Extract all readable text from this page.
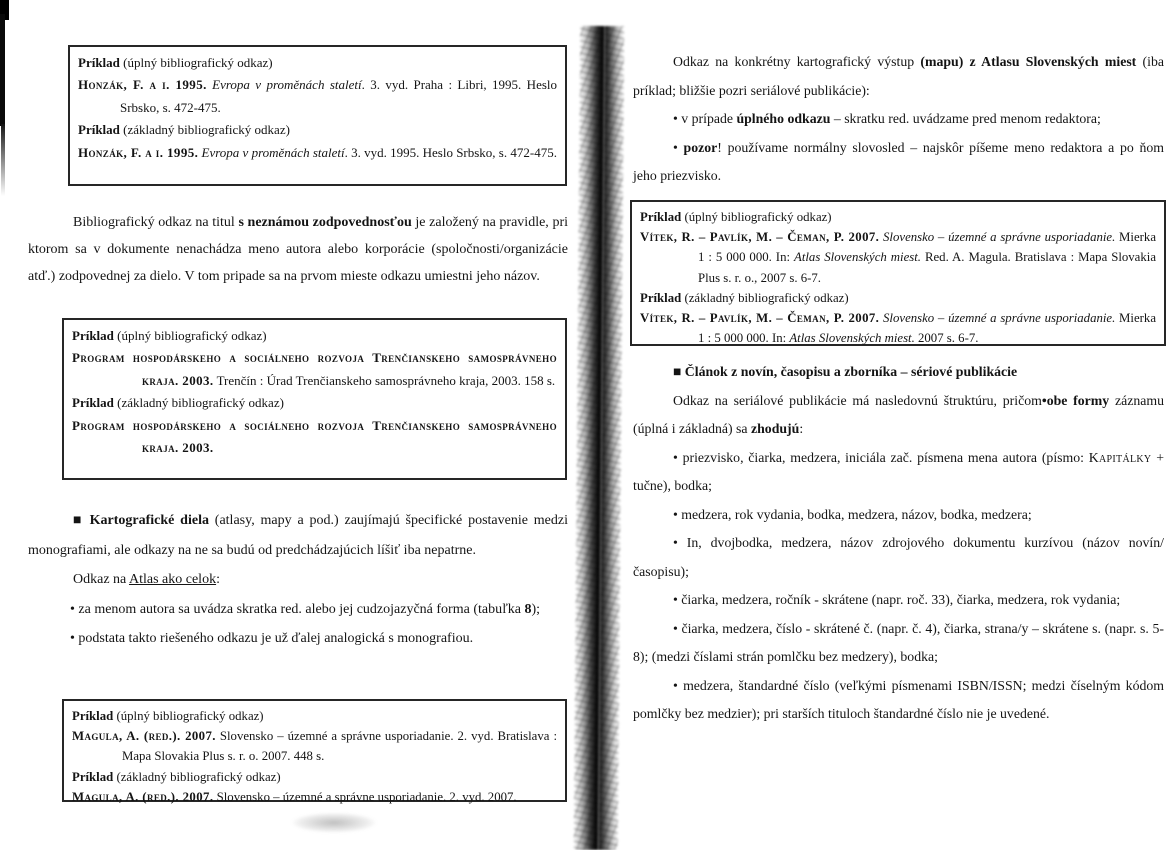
Príklad (úplný bibliografický odkaz)

Honzák, F. a i. 1995. Evropa v proměnách staletí. 3. vyd. Praha : Libri, 1995. Heslo Srbsko, s. 472-475.

Príklad (základný bibliografický odkaz)

Honzák, F. a i. 1995. Evropa v proměnách staletí. 3. vyd. 1995. Heslo Srbsko, s. 472-475.

Bibliografický odkaz na titul s neznámou zodpovednosťou je založený na pravidle, pri ktorom sa v dokumente nenachádza meno autora alebo korporácie (spoločnosti/organizácie atď.) zodpovednej za dielo. V tom pripade sa na prvom mieste odkazu umiestni jeho názov.

Príklad (úplný bibliografický odkaz)

Program hospodárskeho a sociálneho rozvoja Trenčianskeho samosprávneho kraja. 2003. Trenčín : Úrad Trenčianskeho samosprávneho kraja, 2003. 158 s.

Príklad (základný bibliografický odkaz)

Program hospodárskeho a sociálneho rozvoja Trenčianskeho samosprávneho kraja. 2003.

■ Kartografické diela (atlasy, mapy a pod.) zaujímajú špecifické postavenie medzi monografiami, ale odkazy na ne sa budú od predchádzajúcich líšiť iba nepatrne.

Odkaz na Atlas ako celok:

• za menom autora sa uvádza skratka red. alebo jej cudzojazyčná forma (tabuľka 8);

• podstata takto riešeného odkazu je už ďalej analogická s monografiou.

Príklad (úplný bibliografický odkaz)

Magula, A. (red.). 2007. Slovensko – územné a správne usporiadanie. 2. vyd. Bratislava : Mapa Slovakia Plus s. r. o. 2007. 448 s.

Príklad (základný bibliografický odkaz)

Magula, A. (red.). 2007. Slovensko – územné a správne usporiadanie. 2. vyd. 2007.

Odkaz na konkrétny kartografický výstup (mapu) z Atlasu Slovenských miest (iba príklad; bližšie pozri seriálové publikácie):

• v prípade úplného odkazu – skratku red. uvádzame pred menom redaktora;

• pozor! používame normálny slovosled – najskôr píšeme meno redaktora a po ňom jeho priezvisko.

Príklad (úplný bibliografický odkaz)

Vítek, R. – Pavlík, M. – Čeman, P. 2007. Slovensko – územné a správne usporiadanie. Mierka 1 : 5 000 000. In: Atlas Slovenských miest. Red. A. Magula. Bratislava : Mapa Slovakia Plus s. r. o., 2007 s. 6-7.

Príklad (základný bibliografický odkaz)

Vítek, R. – Pavlík, M. – Čeman, P. 2007. Slovensko – územné a správne usporiadanie. Mierka 1 : 5 000 000. In: Atlas Slovenských miest. 2007 s. 6-7.

■ Článok z novín, časopisu a zborníka – sériové publikácie

Odkaz na seriálové publikácie má nasledovnú štruktúru, pričom•obe formy záznamu (úplná i základná) sa zhodujú:

• priezvisko, čiarka, medzera, iniciála zač. písmena mena autora (písmo: Kapitálky + tučne), bodka;

• medzera, rok vydania, bodka, medzera, názov, bodka, medzera;

• In, dvojbodka, medzera, názov zdrojového dokumentu kurzívou (názov novín/časopisu);

• čiarka, medzera, ročník - skrátene (napr. roč. 33), čiarka, medzera, rok vydania;

• čiarka, medzera, číslo - skrátené č. (napr. č. 4), čiarka, strana/y – skrátene s. (napr. s. 5-8); (medzi číslami strán pomlčku bez medzery), bodka;

• medzera, štandardné číslo (veľkými písmenami ISBN/ISSN; medzi číselným kódom pomlčky bez medzier); pri starších tituloch štandardné číslo nie je uvedené.
